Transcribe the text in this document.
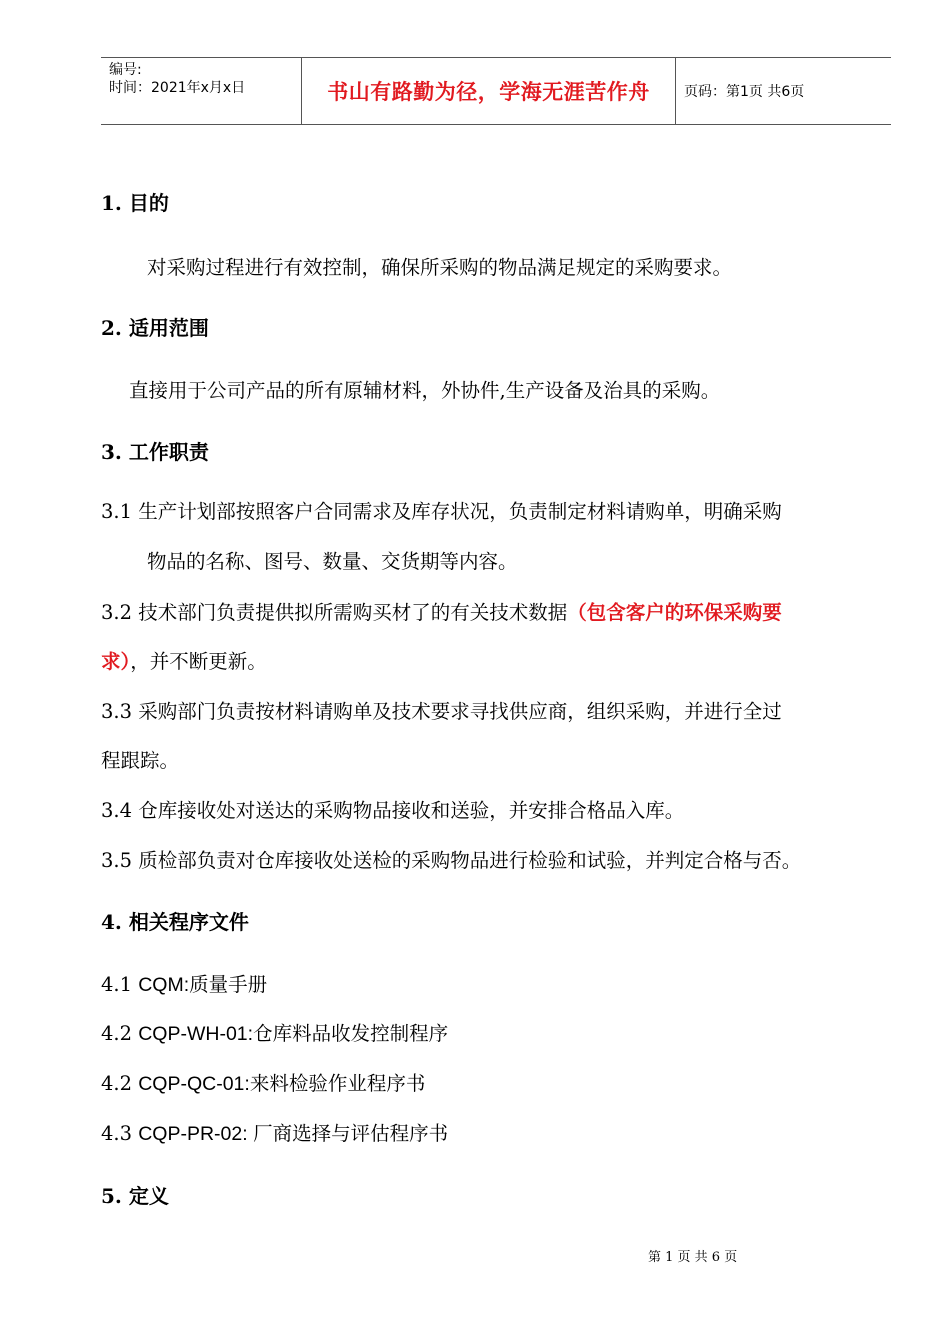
编号:
时间：2021年x月x日	书山有路勤为径，学海无涯苦作舟 页码：第1页 共6页
1. 目的
对采购过程进行有效控制，确保所采购的物品满足规定的采购要求。
2. 适用范围
直接用于公司产品的所有原辅材料，外协件,生产设备及治具的采购。
3. 工作职责
3.1 生产计划部按照客户合同需求及库存状况，负责制定材料请购单，明确采购
物品的名称、图号、数量、交货期等内容。
3.2 技术部门负责提供拟所需购买材了的有关技术数据（包含客户的环保采购要
求），并不断更新。
3.3 采购部门负责按材料请购单及技术要求寻找供应商，组织采购，并进行全过
程跟踪。
3.4 仓库接收处对送达的采购物品接收和送验，并安排合格品入库。
3.5 质检部负责对仓库接收处送检的采购物品进行检验和试验，并判定合格与否。
4. 相关程序文件
4.1 CQM:质量手册
4.2 CQP-WH-01:仓库料品收发控制程序
4.2 CQP-QC-01:来料检验作业程序书
4.3 CQP-PR-02: 厂商选择与评估程序书
5. 定义
第 1 页 共 6 页
